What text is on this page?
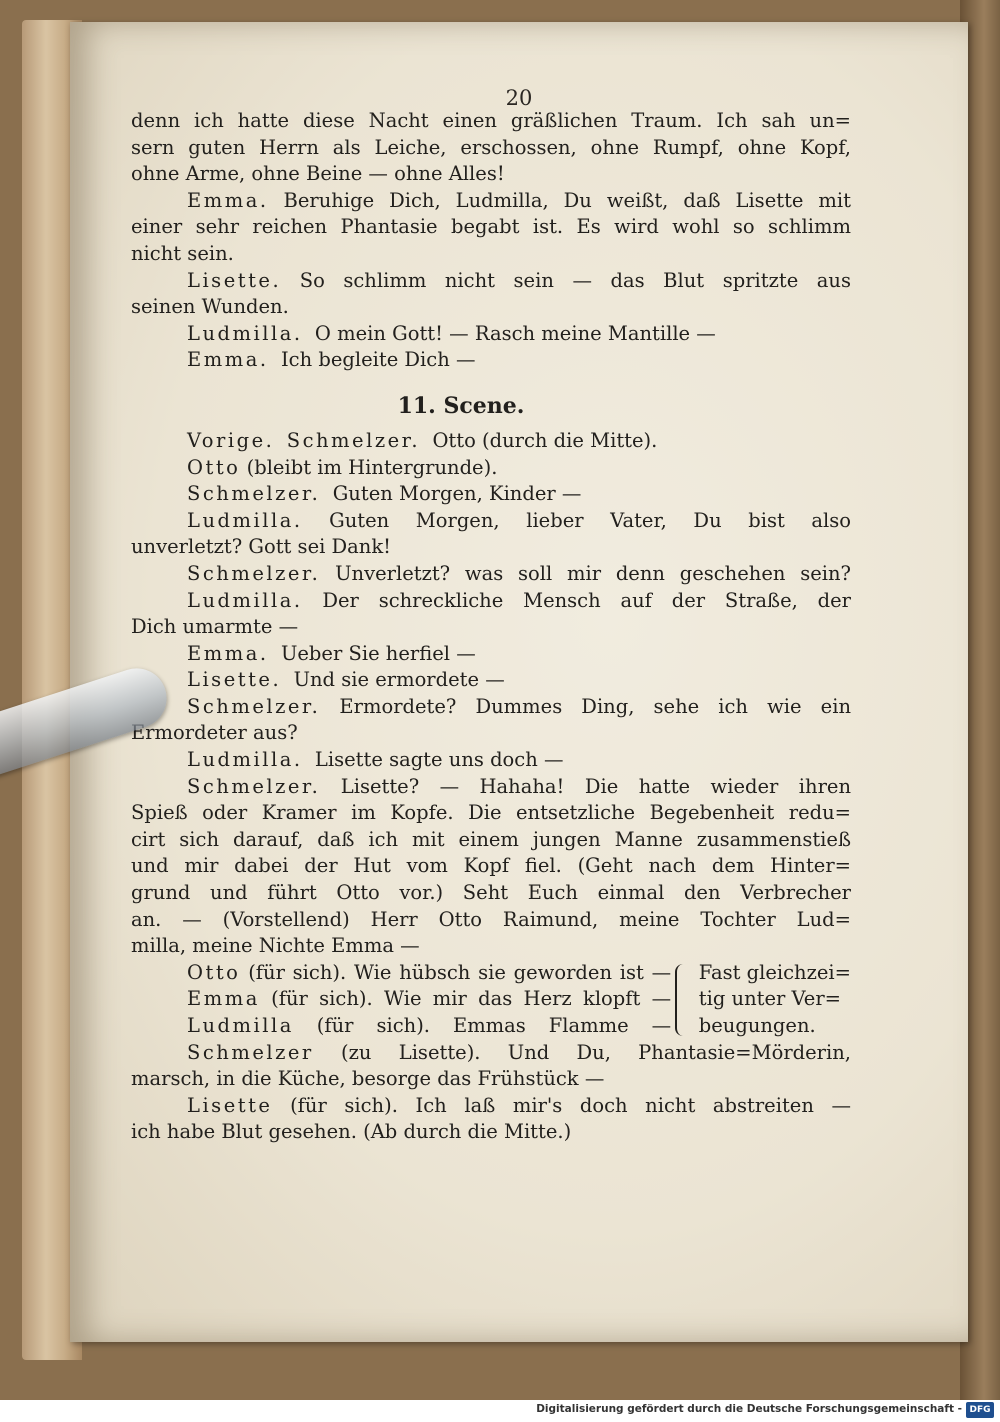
20
denn ich hatte diese Nacht einen gräßlichen Traum. Ich sah un=
sern guten Herrn als Leiche, erschossen, ohne Rumpf, ohne Kopf,
ohne Arme, ohne Beine — ohne Alles!
Emma. Beruhige Dich, Ludmilla, Du weißt, daß Lisette mit
einer sehr reichen Phantasie begabt ist. Es wird wohl so schlimm
nicht sein.
Lisette. So schlimm nicht sein — das Blut spritzte aus
seinen Wunden.
Ludmilla. O mein Gott! — Rasch meine Mantille —
Emma. Ich begleite Dich —
11. Scene.
Vorige. Schmelzer. Otto (durch die Mitte).
Otto (bleibt im Hintergrunde).
Schmelzer. Guten Morgen, Kinder —
Ludmilla. Guten Morgen, lieber Vater, Du bist also
unverletzt? Gott sei Dank!
Schmelzer. Unverletzt? was soll mir denn geschehen sein?
Ludmilla. Der schreckliche Mensch auf der Straße, der
Dich umarmte —
Emma. Ueber Sie herfiel —
Lisette. Und sie ermordete —
Schmelzer. Ermordete? Dummes Ding, sehe ich wie ein
Ermordeter aus?
Ludmilla. Lisette sagte uns doch —
Schmelzer. Lisette? — Hahaha! Die hatte wieder ihren
Spieß oder Kramer im Kopfe. Die entsetzliche Begebenheit redu=
cirt sich darauf, daß ich mit einem jungen Manne zusammenstieß
und mir dabei der Hut vom Kopf fiel. (Geht nach dem Hinter=
grund und führt Otto vor.) Seht Euch einmal den Verbrecher
an. — (Vorstellend) Herr Otto Raimund, meine Tochter Lud=
milla, meine Nichte Emma —
Otto (für sich). Wie hübsch sie geworden ist —
Emma (für sich). Wie mir das Herz klopft —
Ludmilla (für sich). Emmas Flamme —
Fast gleichzei=
tig unter Ver=
beugungen.
Schmelzer (zu Lisette). Und Du, Phantasie=Mörderin,
marsch, in die Küche, besorge das Frühstück —
Lisette (für sich). Ich laß mir's doch nicht abstreiten —
ich habe Blut gesehen. (Ab durch die Mitte.)
Digitalisierung gefördert durch die Deutsche Forschungsgemeinschaft - DFG
